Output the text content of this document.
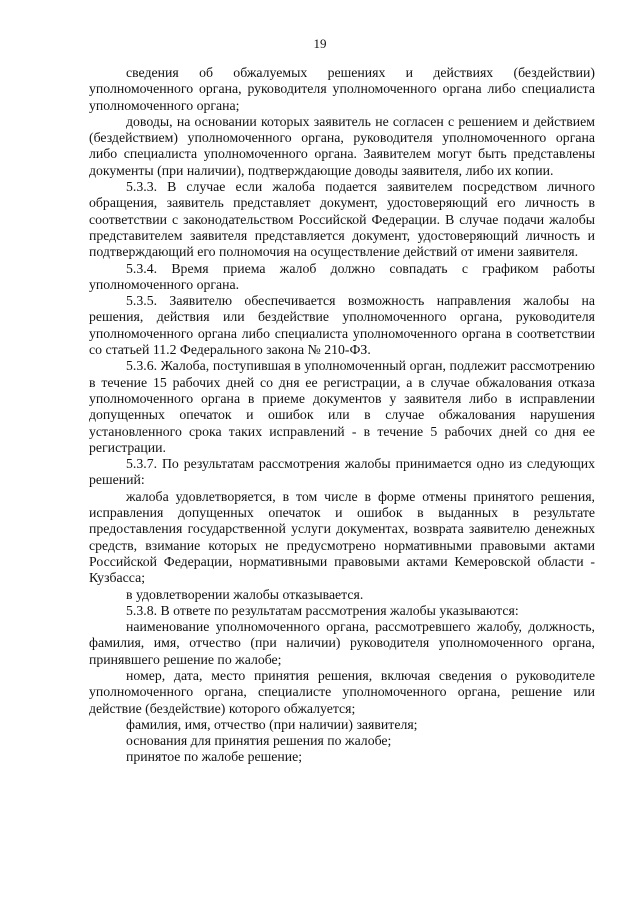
19

сведения об обжалуемых решениях и действиях (бездействии) уполномоченного органа, руководителя уполномоченного органа либо специалиста уполномоченного органа;

доводы, на основании которых заявитель не согласен с решением и действием (бездействием) уполномоченного органа, руководителя уполномоченного органа либо специалиста уполномоченного органа. Заявителем могут быть представлены документы (при наличии), подтверждающие доводы заявителя, либо их копии.

5.3.3. В случае если жалоба подается заявителем посредством личного обращения, заявитель представляет документ, удостоверяющий его личность в соответствии с законодательством Российской Федерации. В случае подачи жалобы представителем заявителя представляется документ, удостоверяющий личность и подтверждающий его полномочия на осуществление действий от имени заявителя.

5.3.4. Время приема жалоб должно совпадать с графиком работы уполномоченного органа.

5.3.5. Заявителю обеспечивается возможность направления жалобы на решения, действия или бездействие уполномоченного органа, руководителя уполномоченного органа либо специалиста уполномоченного органа в соответствии со статьей 11.2 Федерального закона № 210-ФЗ.

5.3.6. Жалоба, поступившая в уполномоченный орган, подлежит рассмотрению в течение 15 рабочих дней со дня ее регистрации, а в случае обжалования отказа уполномоченного органа в приеме документов у заявителя либо в исправлении допущенных опечаток и ошибок или в случае обжалования нарушения установленного срока таких исправлений - в течение 5 рабочих дней со дня ее регистрации.

5.3.7. По результатам рассмотрения жалобы принимается одно из следующих решений:

жалоба удовлетворяется, в том числе в форме отмены принятого решения, исправления допущенных опечаток и ошибок в выданных в результате предоставления государственной услуги документах, возврата заявителю денежных средств, взимание которых не предусмотрено нормативными правовыми актами Российской Федерации, нормативными правовыми актами Кемеровской области - Кузбасса;

в удовлетворении жалобы отказывается.

5.3.8. В ответе по результатам рассмотрения жалобы указываются:

наименование уполномоченного органа, рассмотревшего жалобу, должность, фамилия, имя, отчество (при наличии) руководителя уполномоченного органа, принявшего решение по жалобе;

номер, дата, место принятия решения, включая сведения о руководителе уполномоченного органа, специалисте уполномоченного органа, решение или действие (бездействие) которого обжалуется;

фамилия, имя, отчество (при наличии) заявителя;

основания для принятия решения по жалобе;

принятое по жалобе решение;
